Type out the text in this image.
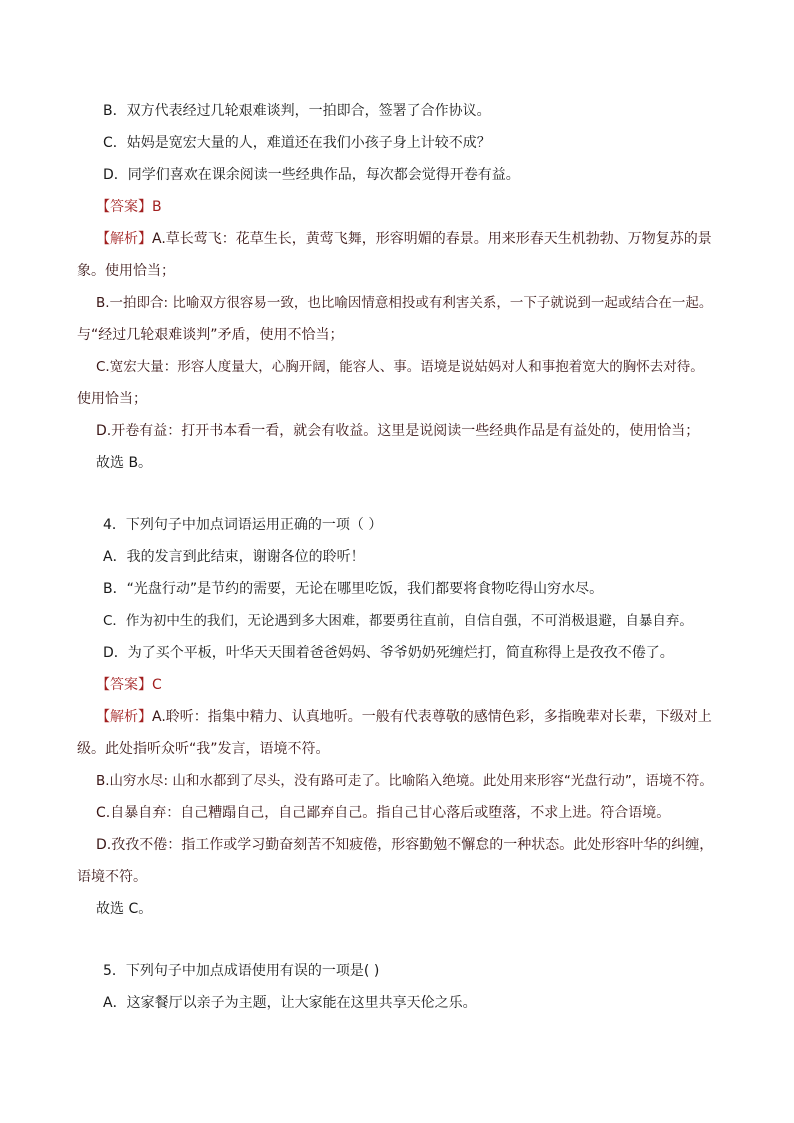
B．双方代表经过几轮艰难谈判，一拍即合，签署了合作协议。
C．姑妈是宽宏大量的人，难道还在我们小孩子身上计较不成？
D．同学们喜欢在课余阅读一些经典作品，每次都会觉得开卷有益。
【答案】B
【解析】A.草长莺飞：花草生长，黄莺飞舞，形容明媚的春景。用来形春天生机勃勃、万物复苏的景
象。使用恰当；
B.一拍即合: 比喻双方很容易一致，也比喻因情意相投或有利害关系，一下子就说到一起或结合在一起。
与“经过几轮艰难谈判”矛盾，使用不恰当；
C.宽宏大量：形容人度量大，心胸开阔，能容人、事。语境是说姑妈对人和事抱着宽大的胸怀去对待。
使用恰当；
D.开卷有益：打开书本看一看，就会有收益。这里是说阅读一些经典作品是有益处的，使用恰当；
故选 B。
4．下列句子中加点词语运用正确的一项（ ）
A．我的发言到此结束，谢谢各位的聆听！
B．“光盘行动”是节约的需要，无论在哪里吃饭，我们都要将食物吃得山穷水尽。
C．作为初中生的我们，无论遇到多大困难，都要勇往直前，自信自强，不可消极退避，自暴自弃。
D．为了买个平板，叶华天天围着爸爸妈妈、爷爷奶奶死缠烂打，简直称得上是孜孜不倦了。
【答案】C
【解析】A.聆听：指集中精力、认真地听。一般有代表尊敬的感情色彩，多指晚辈对长辈，下级对上
级。此处指听众听“我”发言，语境不符。
B.山穷水尽: 山和水都到了尽头，没有路可走了。比喻陷入绝境。此处用来形容“光盘行动”，语境不符。
C.自暴自弃：自己糟蹋自己，自己鄙弃自己。指自己甘心落后或堕落，不求上进。符合语境。
D.孜孜不倦：指工作或学习勤奋刻苦不知疲倦，形容勤勉不懈怠的一种状态。此处形容叶华的纠缠，
语境不符。
故选 C。
5．下列句子中加点成语使用有误的一项是( )
A．这家餐厅以亲子为主题，让大家能在这里共享天伦之乐。
